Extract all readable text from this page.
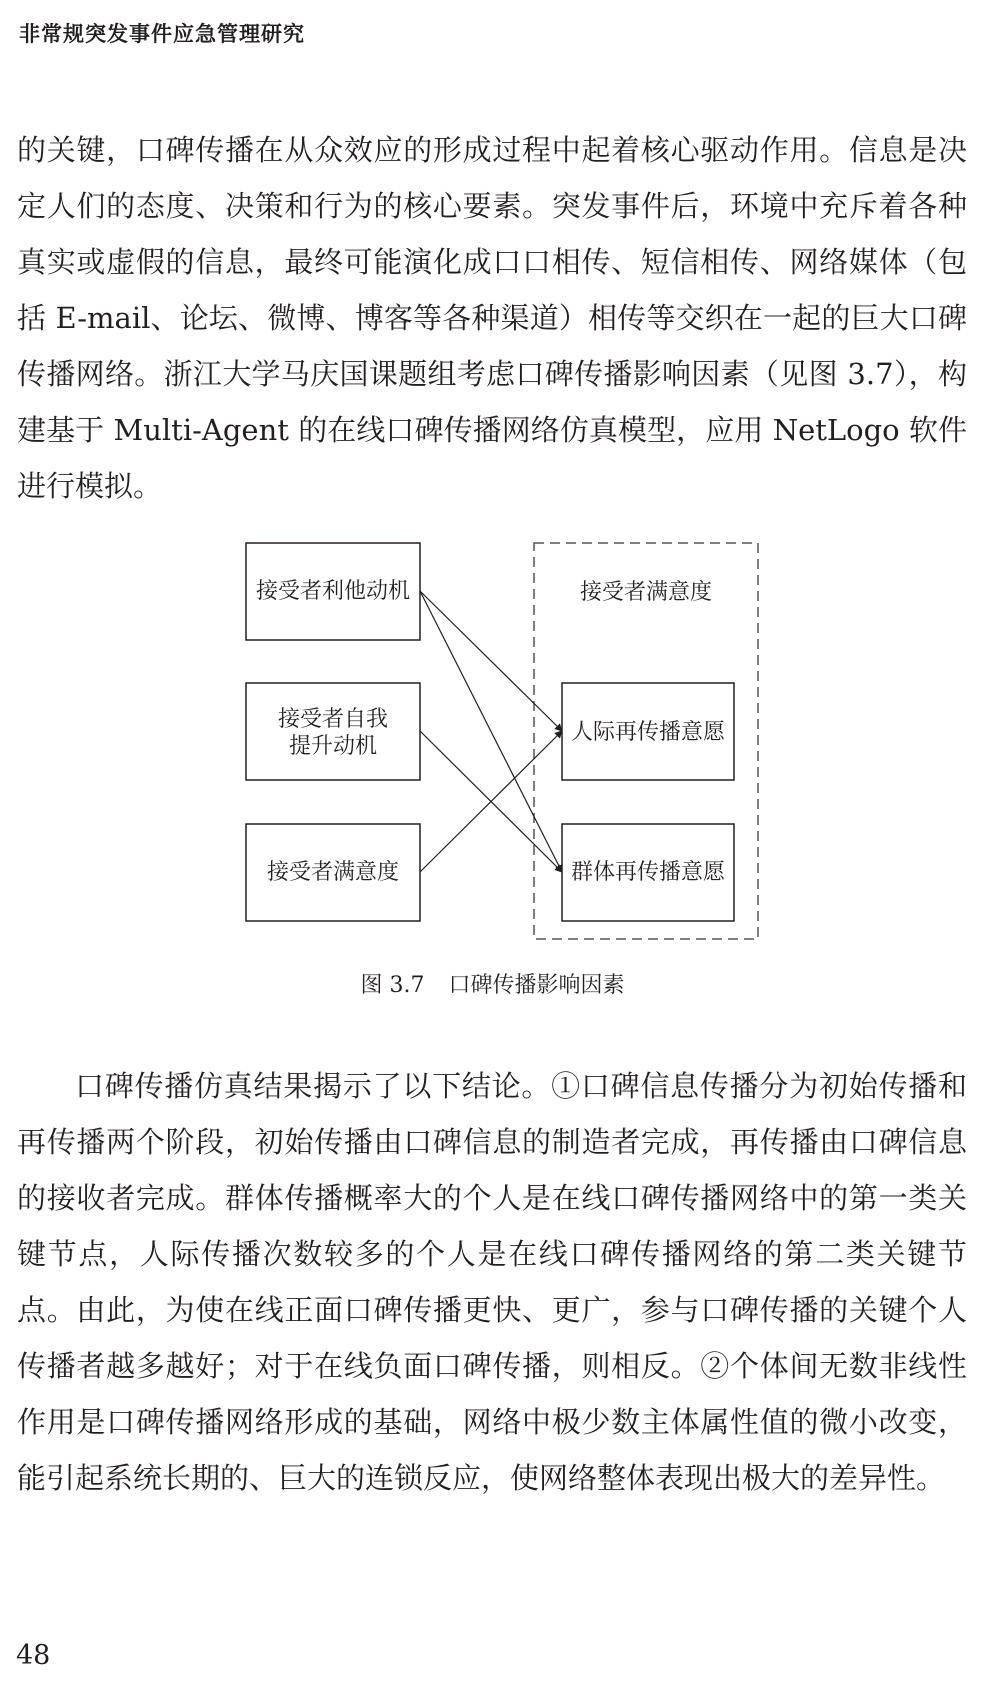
非常规突发事件应急管理研究

的关键，口碑传播在从众效应的形成过程中起着核心驱动作用。信息是决定人们的态度、决策和行为的核心要素。突发事件后，环境中充斥着各种真实或虚假的信息，最终可能演化成口口相传、短信相传、网络媒体（包括 E-mail、论坛、微博、博客等各种渠道）相传等交织在一起的巨大口碑传播网络。浙江大学马庆国课题组考虑口碑传播影响因素（见图 3.7），构建基于 Multi-Agent 的在线口碑传播网络仿真模型，应用 NetLogo 软件进行模拟。

接受者满意度
接受者利他动机
接受者自我
提升动机
接受者满意度
人际再传播意愿
群体再传播意愿
图 3.7 口碑传播影响因素

口碑传播仿真结果揭示了以下结论。①口碑信息传播分为初始传播和再传播两个阶段，初始传播由口碑信息的制造者完成，再传播由口碑信息的接收者完成。群体传播概率大的个人是在线口碑传播网络中的第一类关键节点，人际传播次数较多的个人是在线口碑传播网络的第二类关键节点。由此，为使在线正面口碑传播更快、更广，参与口碑传播的关键个人传播者越多越好；对于在线负面口碑传播，则相反。②个体间无数非线性作用是口碑传播网络形成的基础，网络中极少数主体属性值的微小改变，能引起系统长期的、巨大的连锁反应，使网络整体表现出极大的差异性。

48
